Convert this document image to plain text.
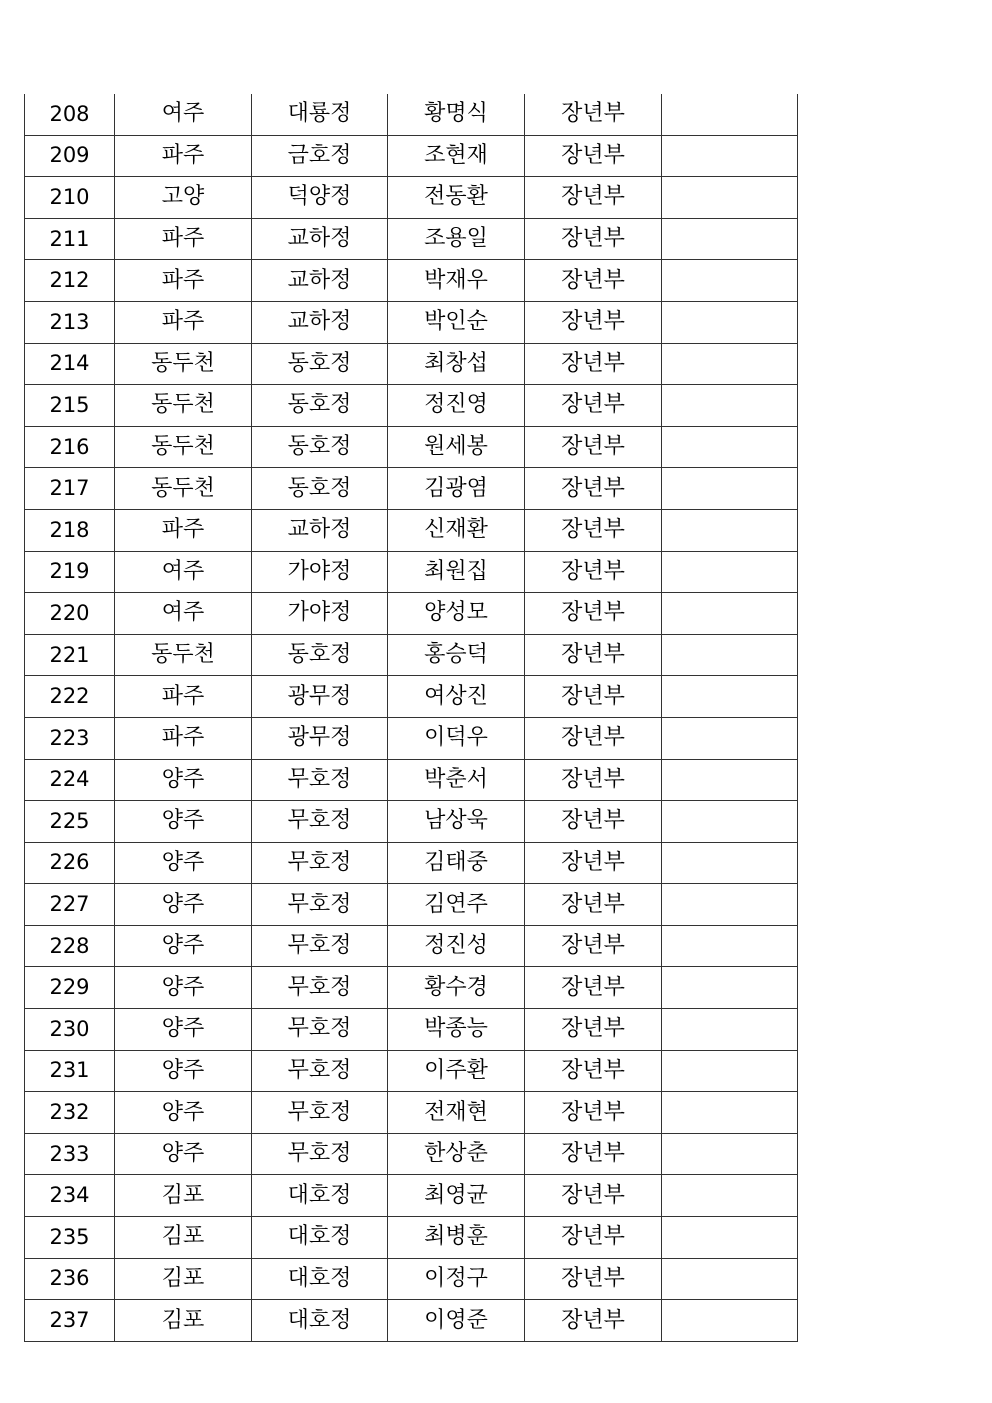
208	여주	대룡정	황명식	장년부	
209	파주	금호정	조현재	장년부	
210	고양	덕양정	전동환	장년부	
211	파주	교하정	조용일	장년부	
212	파주	교하정	박재우	장년부	
213	파주	교하정	박인순	장년부	
214	동두천	동호정	최창섭	장년부	
215	동두천	동호정	정진영	장년부	
216	동두천	동호정	원세봉	장년부	
217	동두천	동호정	김광염	장년부	
218	파주	교하정	신재환	장년부	
219	여주	가야정	최원집	장년부	
220	여주	가야정	양성모	장년부	
221	동두천	동호정	홍승덕	장년부	
222	파주	광무정	여상진	장년부	
223	파주	광무정	이덕우	장년부	
224	양주	무호정	박춘서	장년부	
225	양주	무호정	남상욱	장년부	
226	양주	무호정	김태중	장년부	
227	양주	무호정	김연주	장년부	
228	양주	무호정	정진성	장년부	
229	양주	무호정	황수경	장년부	
230	양주	무호정	박종능	장년부	
231	양주	무호정	이주환	장년부	
232	양주	무호정	전재현	장년부	
233	양주	무호정	한상춘	장년부	
234	김포	대호정	최영균	장년부	
235	김포	대호정	최병훈	장년부	
236	김포	대호정	이정구	장년부	
237	김포	대호정	이영준	장년부	
